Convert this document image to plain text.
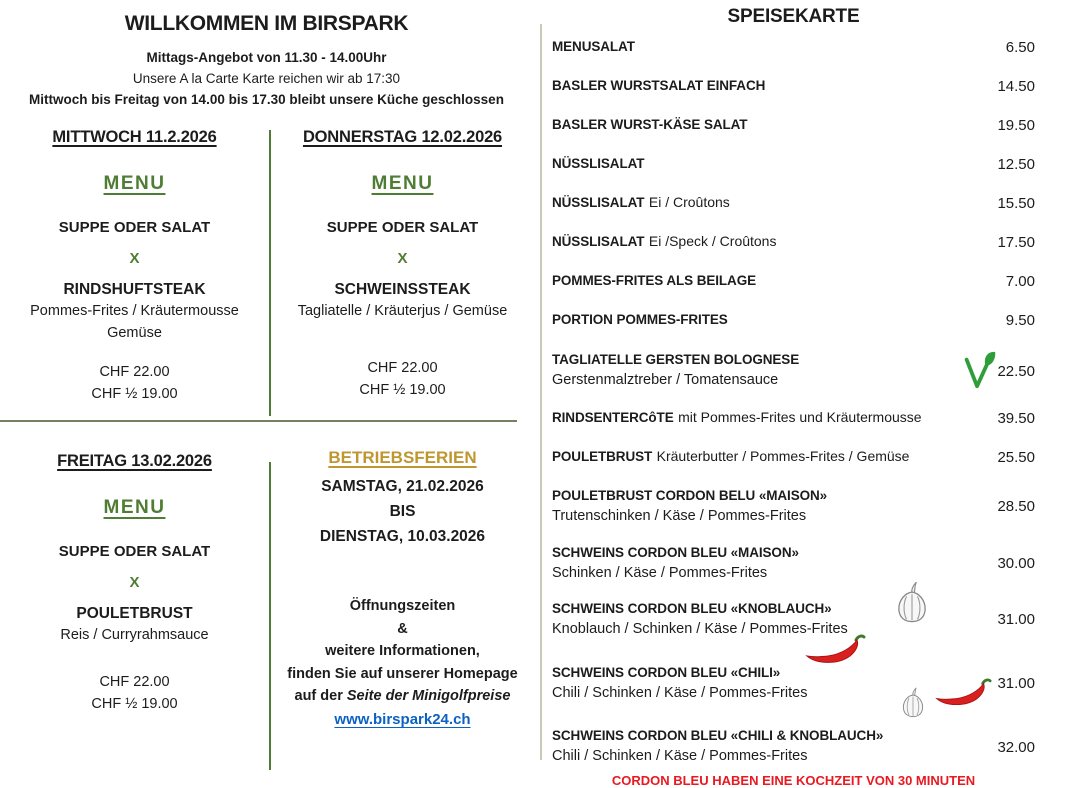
WILLKOMMEN IM BIRSPARK
Mittags-Angebot von 11.30 - 14.00Uhr
Unsere A la Carte Karte reichen wir ab 17:30
Mittwoch bis Freitag von 14.00 bis 17.30 bleibt unsere Küche geschlossen
MITTWOCH 11.2.2026
MENU
SUPPE ODER SALAT
X
RINDSHUFTSTEAK
Pommes-Frites / Kräutermousse
Gemüse
CHF 22.00
CHF ½ 19.00
DONNERSTAG 12.02.2026
MENU
SUPPE ODER SALAT
X
SCHWEINSSTEAK
Tagliatelle / Kräuterjus / Gemüse
CHF 22.00
CHF ½ 19.00
FREITAG 13.02.2026
MENU
SUPPE ODER SALAT
X
POULETBRUST
Reis / Curryrahmsauce
CHF 22.00
CHF ½ 19.00
BETRIEBSFERIEN
SAMSTAG, 21.02.2026
BIS
DIENSTAG, 10.03.2026
Öffnungszeiten
&
weitere Informationen,
finden Sie auf unserer Homepage
auf der Seite der Minigolfpreise
www.birspark24.ch
SPEISEKARTE
MENUSALAT	6.50
BASLER WURSTSALAT EINFACH	14.50
BASLER WURST-KÄSE SALAT	19.50
NÜSSLISALAT	12.50
NÜSSLISALAT Ei / Croûtons	15.50
NÜSSLISALAT Ei /Speck / Croûtons	17.50
POMMES-FRITES ALS BEILAGE	7.00
PORTION POMMES-FRITES	9.50
TAGLIATELLE GERSTEN BOLOGNESE
Gerstenmalztreber / Tomatensauce
22.50
RINDSENTERCôTE mit Pommes-Frites und Kräutermousse	39.50
POULETBRUST Kräuterbutter / Pommes-Frites / Gemüse	25.50
POULETBRUST CORDON BELU «MAISON»
Trutenschinken / Käse / Pommes-Frites
28.50
SCHWEINS CORDON BLEU «MAISON»
Schinken / Käse / Pommes-Frites
30.00
SCHWEINS CORDON BLEU «KNOBLAUCH»
Knoblauch / Schinken / Käse / Pommes-Frites
31.00
SCHWEINS CORDON BLEU «CHILI»
Chili / Schinken / Käse / Pommes-Frites
31.00
SCHWEINS CORDON BLEU «CHILI & KNOBLAUCH»
Chili / Schinken / Käse / Pommes-Frites
32.00
CORDON BLEU HABEN EINE KOCHZEIT VON 30 MINUTEN
